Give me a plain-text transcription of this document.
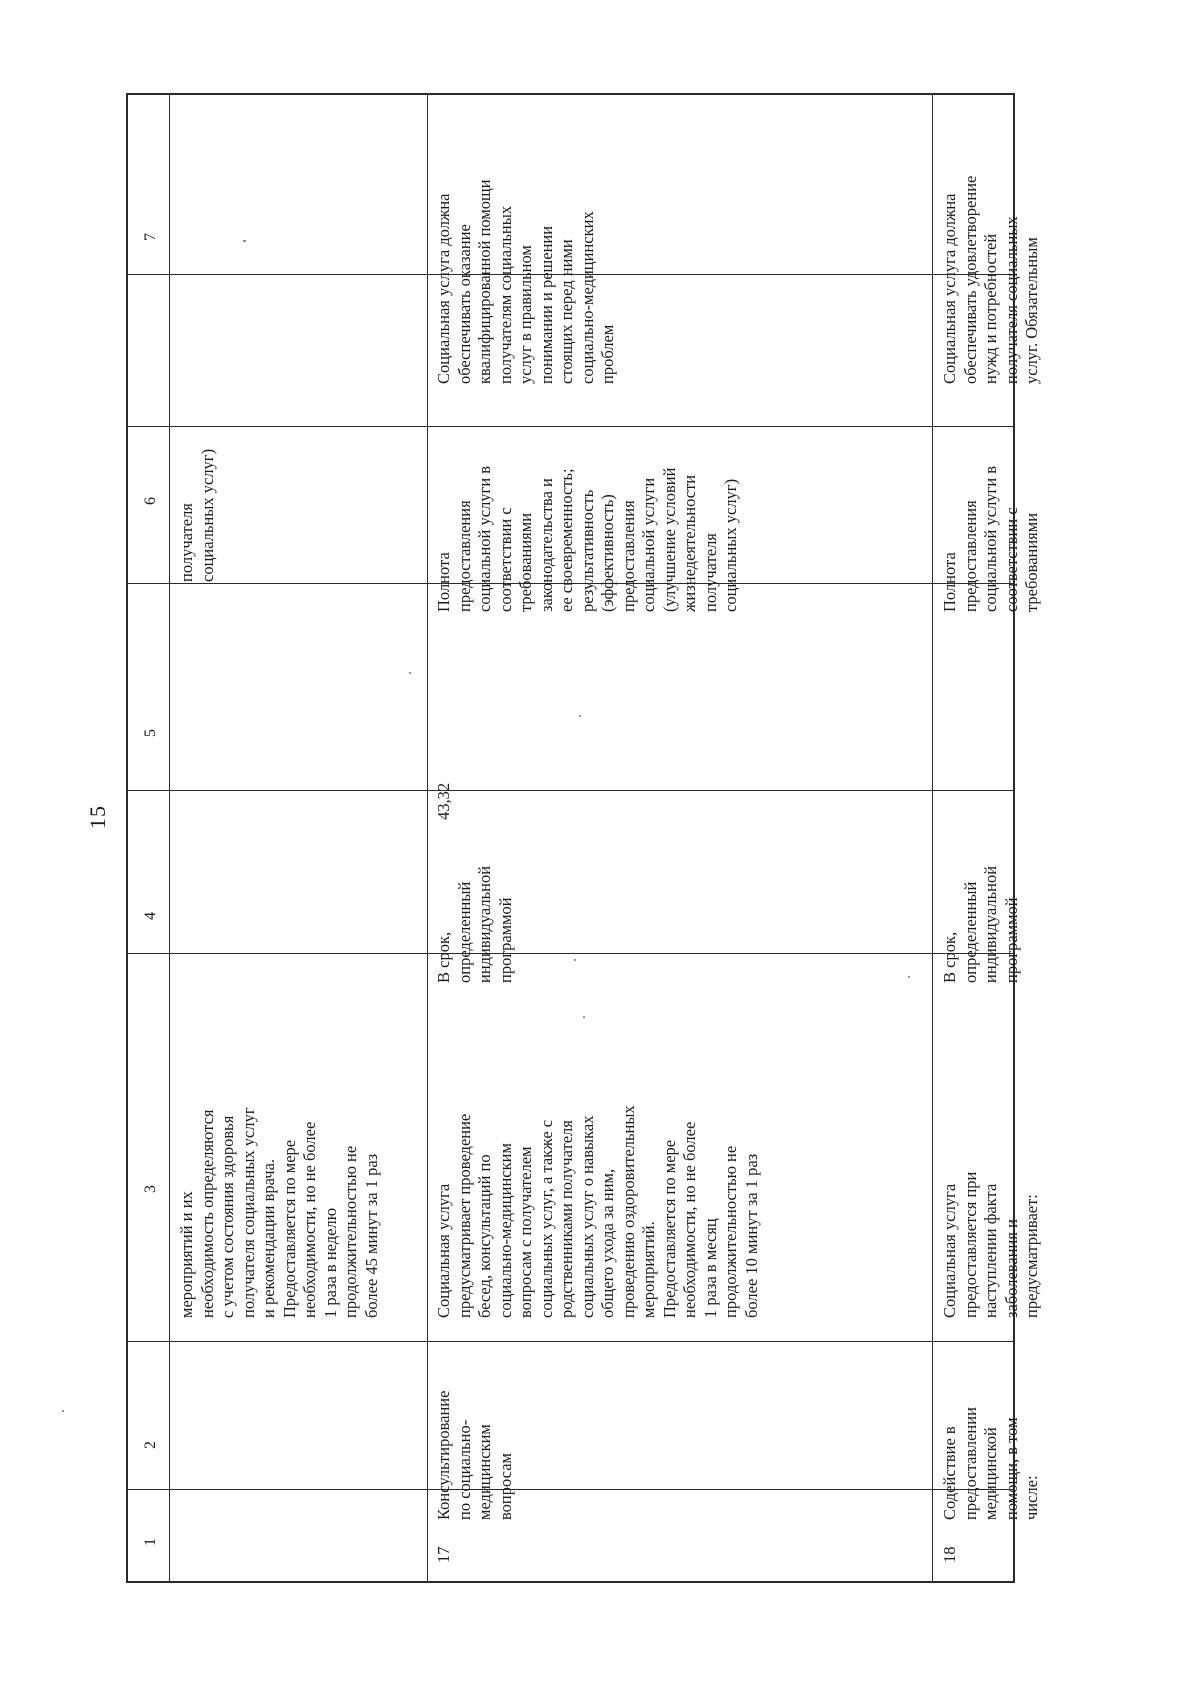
15
1
2
3
4
5
6
7
мероприятий и их необходимость определяются с учетом состояния здоровья получателя социальных услуг и рекомендации врача. Предоставляется по мере необходимости, но не более 1 раза в неделю продолжительностью не более 45 минут за 1 раз
получателя социальных услуг)
17
Консультирование по социально- медицинским вопросам
Социальная услуга предусматривает проведение бесед, консультаций по социально-медицинским вопросам с получателем социальных услуг, а также с родственниками получателя социальных услуг о навыках общего ухода за ним, проведению оздоровительных мероприятий. Предоставляется по мере необходимости, но не более 1 раза в месяц продолжительностью не более 10 минут за 1 раз
В срок, определенный индивидуальной программой
43,32
Полнота предоставления социальной услуги в соответствии с требованиями законодательства и ее своевременность; результативность (эффективность) предоставления социальной услуги (улучшение условий жизнедеятельности получателя социальных услуг)
Социальная услуга должна обеспечивать оказание квалифицированной помощи получателям социальных услуг в правильном понимании и решении стоящих перед ними социально-медицинских проблем
18
Содействие в предоставлении медицинской помощи, в том числе:
Социальная услуга предоставляется при наступлении факта заболевания и предусматривает:
В срок, определенный индивидуальной программой
Полнота предоставления социальной услуги в соответствии с требованиями
Социальная услуга должна обеспечивать удовлетворение нужд и потребностей получателя социальных услуг. Обязательным
